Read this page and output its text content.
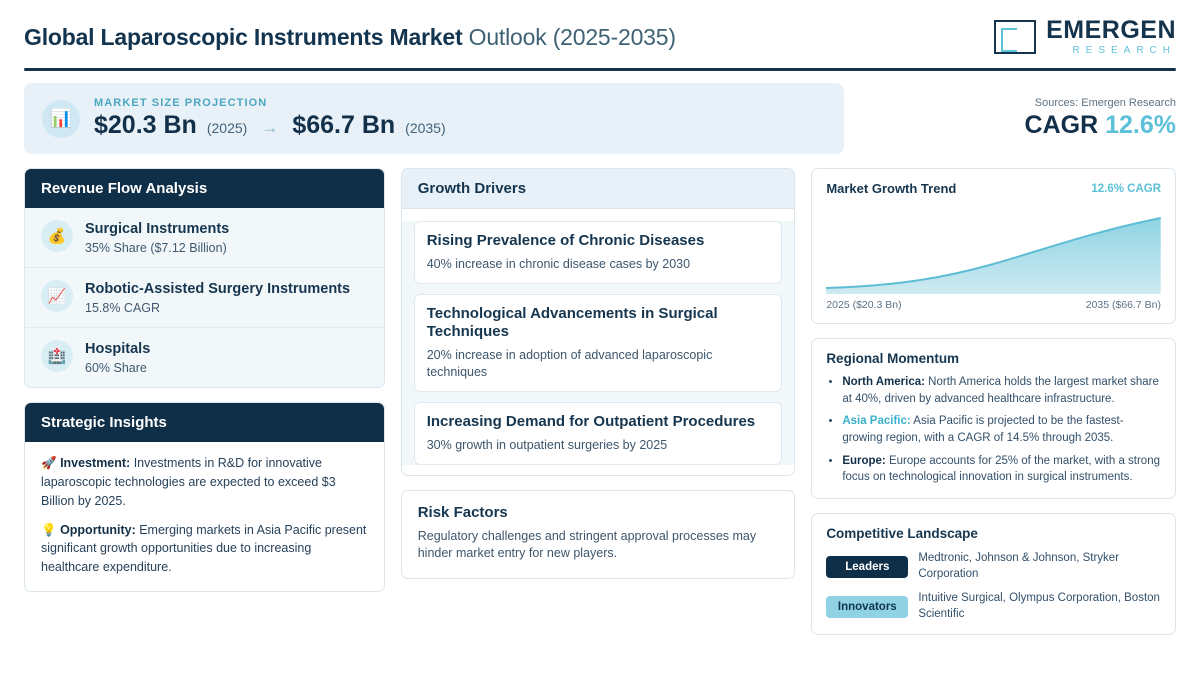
Global Laparoscopic Instruments Market Outlook (2025-2035)	EMERGEN
RESEARCH
📊
MARKET SIZE PROJECTION
$20.3 Bn (2025) → $66.7 Bn (2035)
Sources: Emergen Research
CAGR 12.6%
Revenue Flow Analysis
💰	Surgical Instruments
35% Share ($7.12 Billion)
📈	Robotic-Assisted Surgery Instruments
15.8% CAGR
🏥	Hospitals
60% Share
Strategic Insights
🚀 Investment: Investments in R&D for innovative laparoscopic technologies are expected to exceed $3 Billion by 2025.
💡 Opportunity: Emerging markets in Asia Pacific present significant growth opportunities due to increasing healthcare expenditure.
Growth Drivers
Rising Prevalence of Chronic Diseases
40% increase in chronic disease cases by 2030
Technological Advancements in Surgical Techniques
20% increase in adoption of advanced laparoscopic techniques
Increasing Demand for Outpatient Procedures
30% growth in outpatient surgeries by 2025
Risk Factors
Regulatory challenges and stringent approval processes may hinder market entry for new players.
Market Growth Trend	12.6% CAGR
2025 ($20.3 Bn)	2035 ($66.7 Bn)
Regional Momentum
• North America: North America holds the largest market share at 40%, driven by advanced healthcare infrastructure.
• Asia Pacific: Asia Pacific is projected to be the fastest-growing region, with a CAGR of 14.5% through 2035.
• Europe: Europe accounts for 25% of the market, with a strong focus on technological innovation in surgical instruments.
Competitive Landscape
Leaders
Medtronic, Johnson & Johnson, Stryker Corporation
Innovators
Intuitive Surgical, Olympus Corporation, Boston Scientific
